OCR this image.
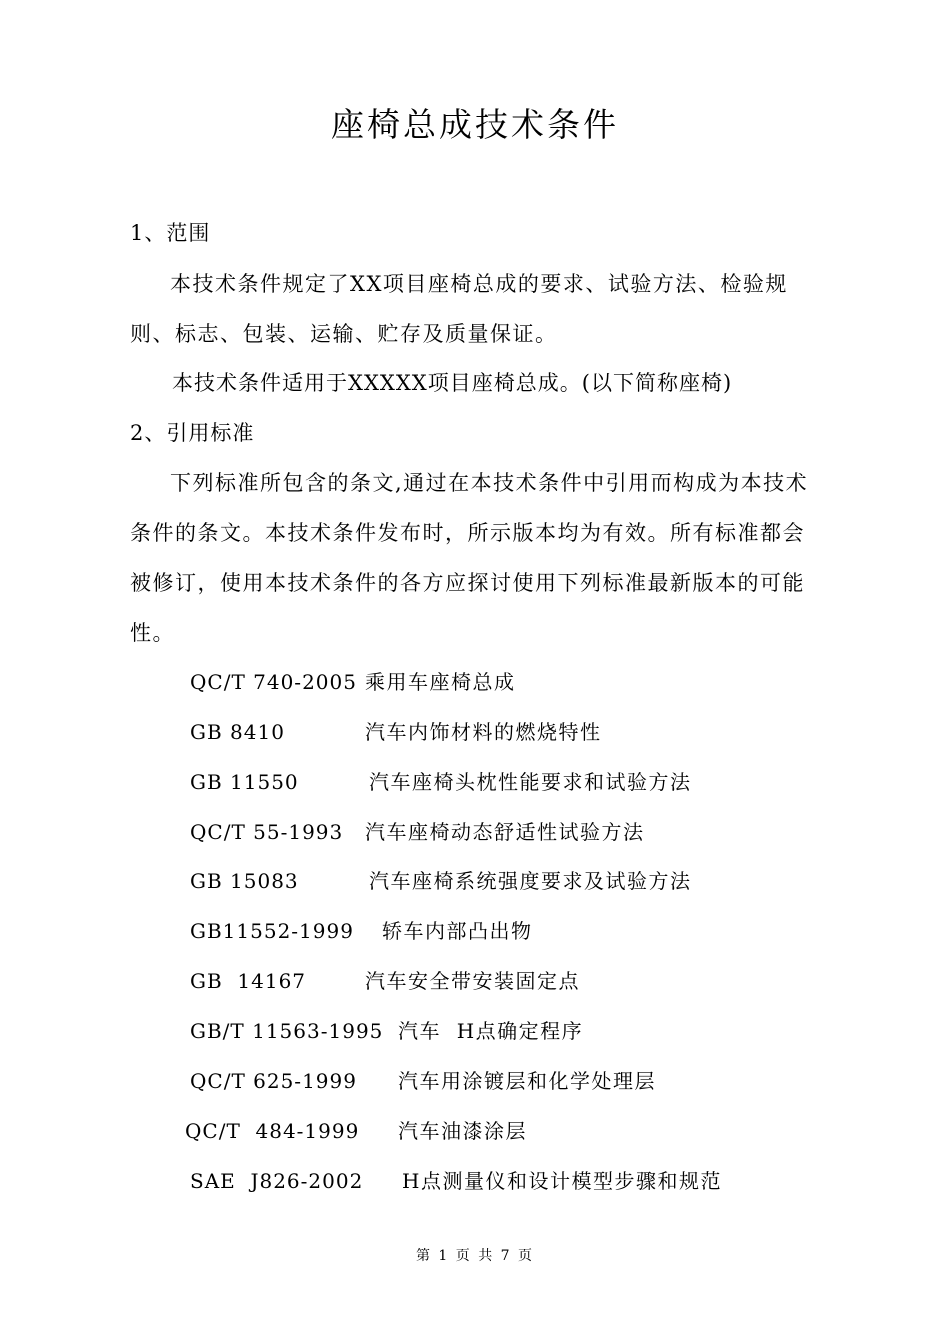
座椅总成技术条件
1、范围
本技术条件规定了XX项目座椅总成的要求、试验方法、检验规则、标志、包装、运输、贮存及质量保证。
本技术条件适用于XXXXX项目座椅总成。(以下简称座椅)
2、引用标准
下列标准所包含的条文,通过在本技术条件中引用而构成为本技术条件的条文。本技术条件发布时，所示版本均为有效。所有标准都会被修订，使用本技术条件的各方应探讨使用下列标准最新版本的可能性。
QC/T 740-2005 乘用车座椅总成
GB 8410	汽车内饰材料的燃烧特性
GB 11550	汽车座椅头枕性能要求和试验方法
QC/T 55-1993 汽车座椅动态舒适性试验方法
GB 15083	汽车座椅系统强度要求及试验方法
GB11552-1999 轿车内部凸出物
GB  14167	汽车安全带安装固定点
GB/T 11563-1995 汽车  H点确定程序
QC/T 625-1999 汽车用涂镀层和化学处理层
QC/T  484-1999 汽车油漆涂层
SAE  J826-2002 H点测量仪和设计模型步骤和规范
第 1 页 共 7 页
